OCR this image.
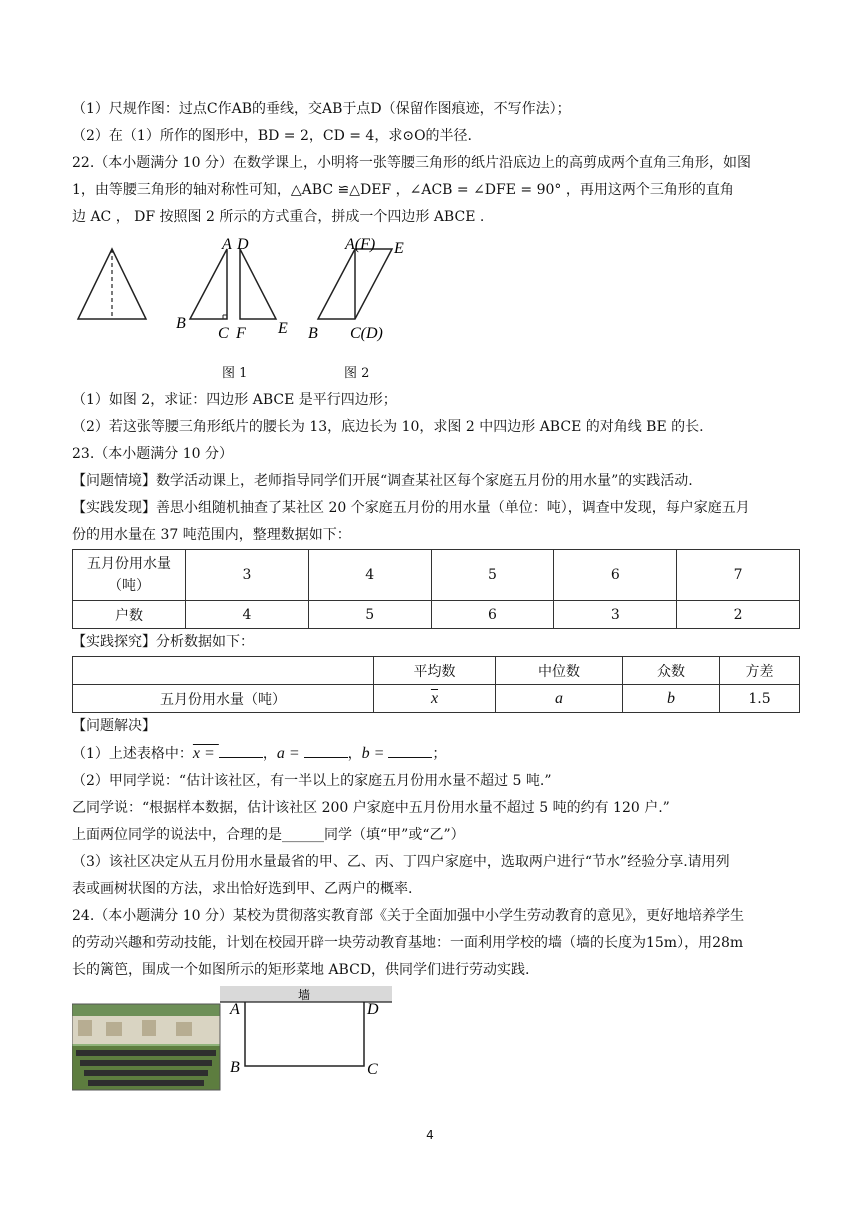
（1）尺规作图：过点C作AB的垂线，交AB于点D（保留作图痕迹，不写作法）；
（2）在（1）所作的图形中，BD = 2，CD = 4，求⊙O的半径.
22.（本小题满分 10 分）在数学课上，小明将一张等腰三角形的纸片沿底边上的高剪成两个直角三角形，如图
1，由等腰三角形的轴对称性可知，△ABC ≌△DEF ，∠ACB = ∠DFE = 90° ，再用这两个三角形的直角
边 AC ， DF 按照图 2 所示的方式重合，拼成一个四边形 ABCE .
A D
B
C F E
A(F) E
B C(D)
图 1	图 2
（1）如图 2，求证：四边形 ABCE 是平行四边形；
（2）若这张等腰三角形纸片的腰长为 13，底边长为 10，求图 2 中四边形 ABCE 的对角线 BE 的长.
23.（本小题满分 10 分）
【问题情境】数学活动课上，老师指导同学们开展“调查某社区每个家庭五月份的用水量”的实践活动.
【实践发现】善思小组随机抽查了某社区 20 个家庭五月份的用水量（单位：吨），调查中发现，每户家庭五月
份的用水量在 37 吨范围内，整理数据如下：
五月份用水量
（吨）	3	4	5	6	7
户数	4	5	6	3	2
【实践探究】分析数据如下：
	平均数	中位数	众数	方差
五月份用水量（吨）	$\overline{x}$	a	b	1.5
【问题解决】
（1）上述表格中：x =	，a =	，b =	；
（2）甲同学说：“估计该社区，有一半以上的家庭五月份用水量不超过 5 吨.”
乙同学说：“根据样本数据，估计该社区 200 户家庭中五月份用水量不超过 5 吨的约有 120 户.”
上面两位同学的说法中，合理的是______同学（填“甲”或“乙”）
（3）该社区决定从五月份用水量最省的甲、乙、丙、丁四户家庭中，选取两户进行“节水”经验分享.请用列
表或画树状图的方法，求出恰好选到甲、乙两户的概率.
24.（本小题满分 10 分）某校为贯彻落实教育部《关于全面加强中小学生劳动教育的意见》，更好地培养学生
的劳动兴趣和劳动技能，计划在校园开辟一块劳动教育基地：一面利用学校的墙（墙的长度为15m），用28m
长的篱笆，围成一个如图所示的矩形菜地 ABCD，供同学们进行劳动实践.
墙
A
B	C
D
4
